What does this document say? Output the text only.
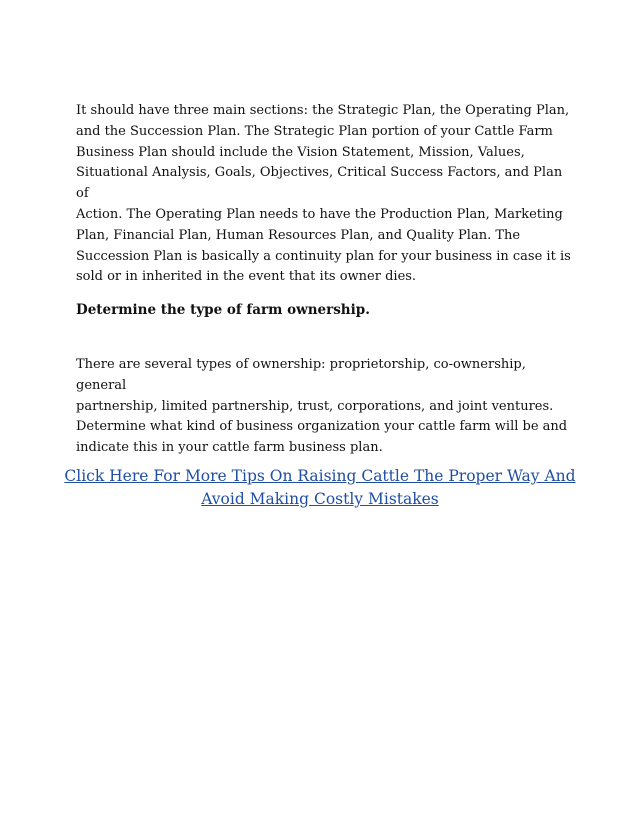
It should have three main sections: the Strategic Plan, the Operating Plan,
and the Succession Plan. The Strategic Plan portion of your Cattle Farm
Business Plan should include the Vision Statement, Mission, Values,
Situational Analysis, Goals, Objectives, Critical Success Factors, and Plan of
Action. The Operating Plan needs to have the Production Plan, Marketing
Plan, Financial Plan, Human Resources Plan, and Quality Plan. The
Succession Plan is basically a continuity plan for your business in case it is
sold or in inherited in the event that its owner dies.

Determine the type of farm ownership.

There are several types of ownership: proprietorship, co-ownership, general
partnership, limited partnership, trust, corporations, and joint ventures.
Determine what kind of business organization your cattle farm will be and
indicate this in your cattle farm business plan.

Click Here For More Tips On Raising Cattle The Proper Way And
Avoid Making Costly Mistakes
